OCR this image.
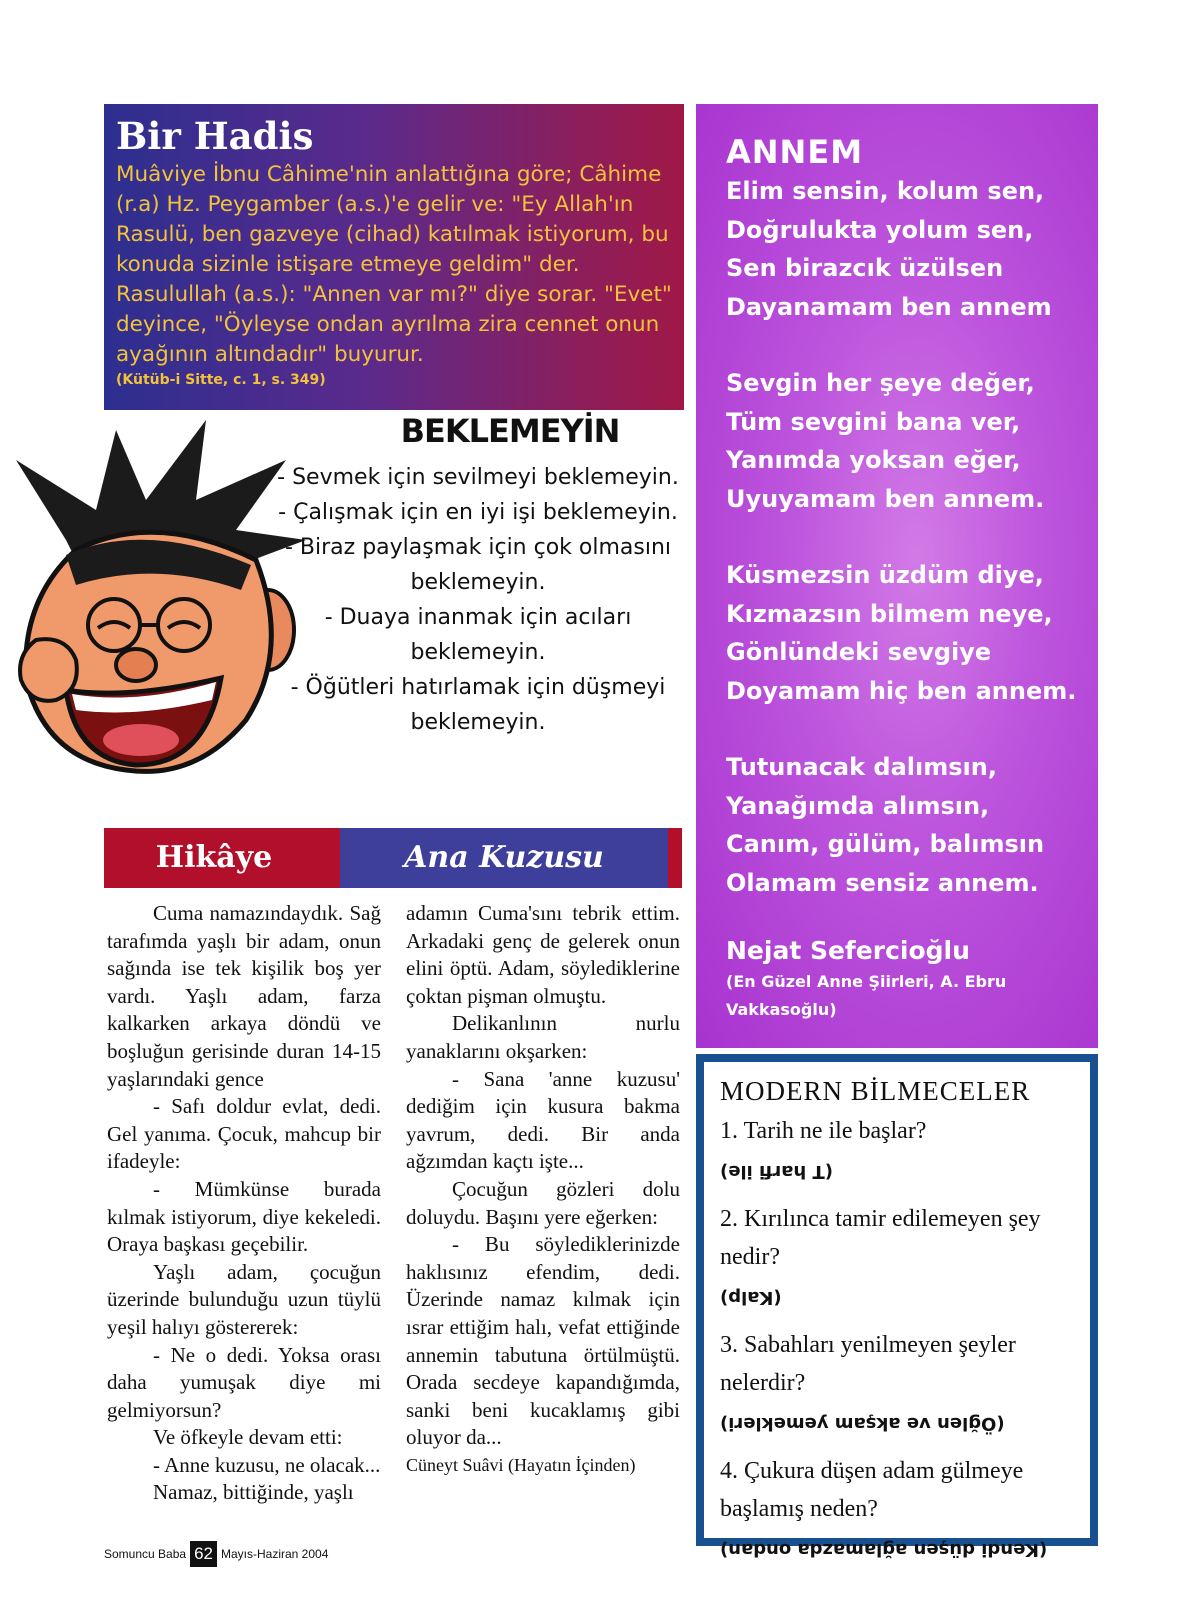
Bir Hadis
Muâviye İbnu Câhime'nin anlattığına göre; Câhime (r.a) Hz. Peygamber (a.s.)'e gelir ve: "Ey Allah'ın Rasulü, ben gazveye (cihad) katılmak istiyorum, bu konuda sizinle istişare etmeye geldim" der. Rasulullah (a.s.): "Annen var mı?" diye sorar. "Evet" deyince, "Öyleyse ondan ayrılma zira cennet onun ayağının altındadır" buyurur.
(Kütüb-i Sitte, c. 1, s. 349)
BEKLEMEYİN
- Sevmek için sevilmeyi beklemeyin.
- Çalışmak için en iyi işi beklemeyin.
- Biraz paylaşmak için çok olmasını beklemeyin.
- Duaya inanmak için acıları beklemeyin.
- Öğütleri hatırlamak için düşmeyi beklemeyin.
Hikâye	Ana Kuzusu

Cuma namazındaydık. Sağ tarafımda yaşlı bir adam, onun sağında ise tek kişilik boş yer vardı. Yaşlı adam, farza kalkarken arkaya döndü ve boşluğun gerisinde duran 14-15 yaşlarındaki gence

- Safı doldur evlat, dedi. Gel yanıma. Çocuk, mahcup bir ifadeyle:

- Mümkünse burada kılmak istiyorum, diye kekeledi. Oraya başkası geçebilir.

Yaşlı adam, çocuğun üzerinde bulunduğu uzun tüylü yeşil halıyı göstererek:

- Ne o dedi. Yoksa orası daha yumuşak diye mi gelmiyorsun?

Ve öfkeyle devam etti:

- Anne kuzusu, ne olacak...

Namaz, bittiğinde, yaşlı

adamın Cuma'sını tebrik ettim. Arkadaki genç de gelerek onun elini öptü. Adam, söylediklerine çoktan pişman olmuştu.

Delikanlının nurlu yanaklarını okşarken:

- Sana 'anne kuzusu' dediğim için kusura bakma yavrum, dedi. Bir anda ağzımdan kaçtı işte...

Çocuğun gözleri dolu doluydu. Başını yere eğerken:

- Bu söylediklerinizde haklısınız efendim, dedi. Üzerinde namaz kılmak için ısrar ettiğim halı, vefat ettiğinde annemin tabutuna örtülmüştü. Orada secdeye kapandığımda, sanki beni kucaklamış gibi oluyor da...

Cüneyt Suâvi (Hayatın İçinden)

Somuncu Baba 62 Mayıs-Haziran 2004
ANNEM
Elim sensin, kolum sen,
Doğrulukta yolum sen,
Sen birazcık üzülsen
Dayanamam ben annem
Sevgin her şeye değer,
Tüm sevgini bana ver,
Yanımda yoksan eğer,
Uyuyamam ben annem.
Küsmezsin üzdüm diye,
Kızmazsın bilmem neye,
Gönlündeki sevgiye
Doyamam hiç ben annem.
Tutunacak dalımsın,
Yanağımda alımsın,
Canım, gülüm, balımsın
Olamam sensiz annem.
Nejat Sefercioğlu
(En Güzel Anne Şiirleri, A. Ebru
Vakkasoğlu)
MODERN BİLMECELER
1. Tarih ne ile başlar?
(T harfi ile)
2. Kırılınca tamir edilemeyen şey nedir?
(Kalp)
3. Sabahları yenilmeyen şeyler nelerdir?
(Öğlen ve akşam yemekleri)
4. Çukura düşen adam gülmeye başlamış neden?
(Kendi düşen ağlamazda ondan)
